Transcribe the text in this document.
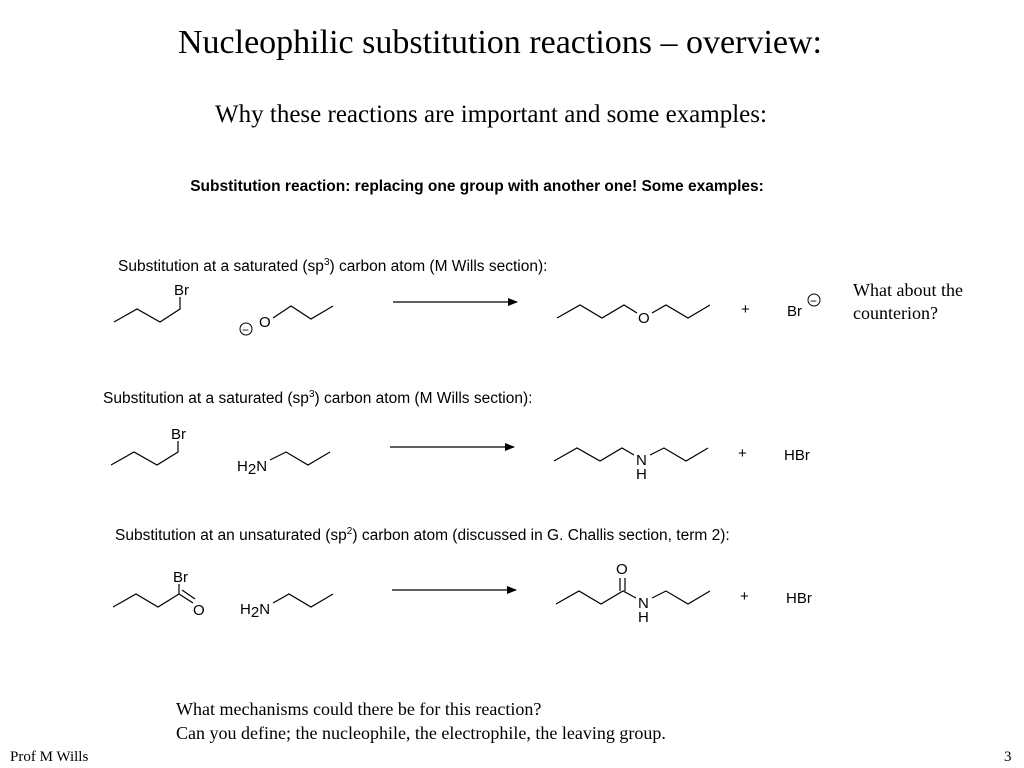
Nucleophilic substitution reactions – overview:
Why these reactions are important and some examples:
Substitution reaction: replacing one group with another one! Some examples:
Substitution at a saturated $(sp^3)$ carbon atom (M Wills section):
Substitution at a saturated $(sp^3)$ carbon atom (M Wills section):
Substitution at an unsaturated $(sp^2)$ carbon atom (discussed in G. Challis section, term 2):
What about the
counterion?
What mechanisms could there be for this reaction?
Can you define; the nucleophile, the electrophile, the leaving group.
Prof M Wills	3
Br
− O	O
+ Br
−
Br
H2N	N
H
+ HBr
Br
O H2N
O
N
H
+ HBr
